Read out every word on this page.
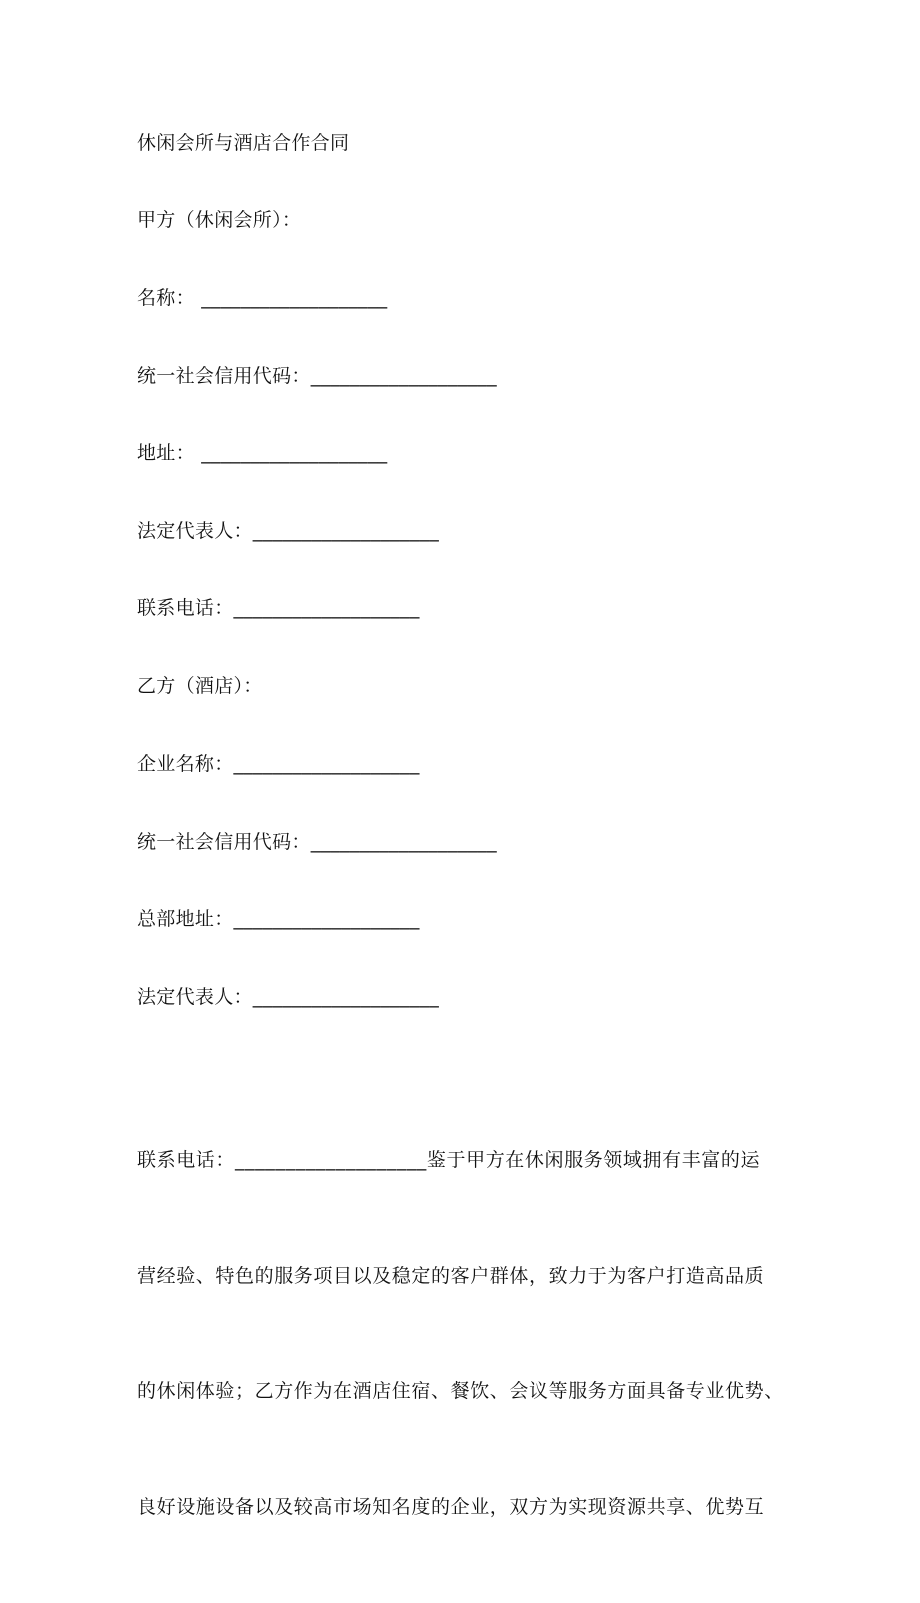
休闲会所与酒店合作合同
甲方（休闲会所）：
名称： ___________________
统一社会信用代码：___________________
地址： ___________________
法定代表人：___________________
联系电话：___________________
乙方（酒店）：
企业名称：___________________
统一社会信用代码：___________________
总部地址：___________________
法定代表人：___________________

联系电话：___________________鉴于甲方在休闲服务领域拥有丰富的运

营经验、特色的服务项目以及稳定的客户群体，致力于为客户打造高品质

的休闲体验；乙方作为在酒店住宿、餐饮、会议等服务方面具备专业优势、

良好设施设备以及较高市场知名度的企业，双方为实现资源共享、优势互
